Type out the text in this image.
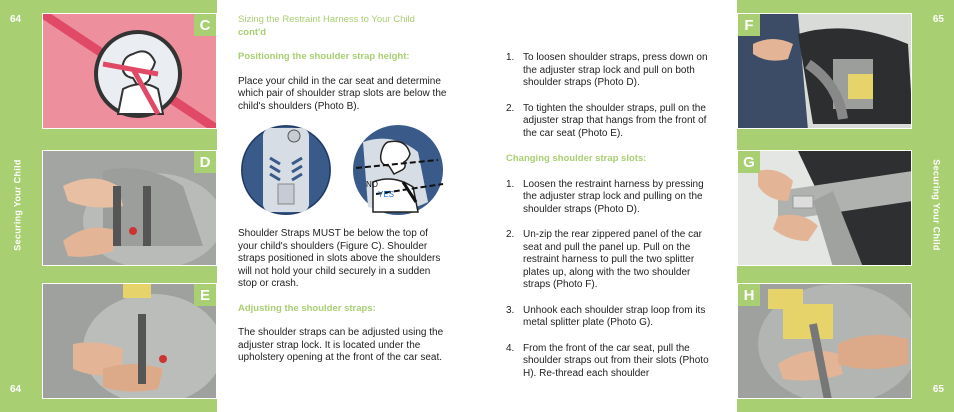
64
64
Securing Your Child
C
D
E
Sizing the Restraint Harness to Your Child
cont'd
Positioning the shoulder strap height:
Place your child in the car seat and determine which pair of shoulder strap slots are below the child's shoulders (Photo B).
NO
YES
Shoulder Straps MUST be below the top of your child's shoulders (Figure C). Shoulder straps positioned in slots above the shoulders will not hold your child securely in a sudden stop or crash.
Adjusting the shoulder straps:
The shoulder straps can be adjusted using the adjuster strap lock. It is located under the upholstery opening at the front of the car seat.
1. To loosen shoulder straps, press down on the adjuster strap lock and pull on both shoulder straps (Photo D).
2. To tighten the shoulder straps, pull on the adjuster strap that hangs from the front of the car seat (Photo E).
Changing shoulder strap slots:
1. Loosen the restraint harness by pressing the adjuster strap lock and pulling on the shoulder straps (Photo D).
2. Un-zip the rear zippered panel of the car seat and pull the panel up. Pull on the restraint harness to pull the two splitter plates up, along with the two shoulder straps (Photo F).
3. Unhook each shoulder strap loop from its metal splitter plate (Photo G).
4. From the front of the car seat, pull the shoulder straps out from their slots (Photo H). Re-thread each shoulder
65
65
Securing Your Child
F
G
H
